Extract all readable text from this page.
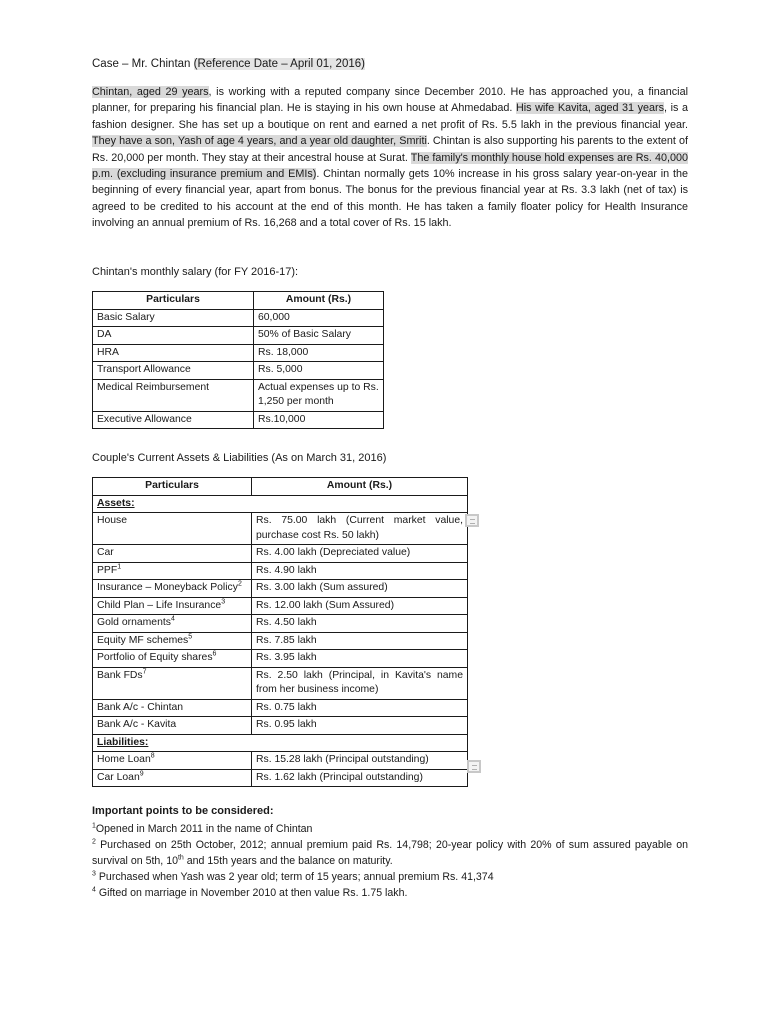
Case – Mr. Chintan (Reference Date – April 01, 2016)
Chintan, aged 29 years, is working with a reputed company since December 2010. He has approached you, a financial planner, for preparing his financial plan. He is staying in his own house at Ahmedabad. His wife Kavita, aged 31 years, is a fashion designer. She has set up a boutique on rent and earned a net profit of Rs. 5.5 lakh in the previous financial year. They have a son, Yash of age 4 years, and a year old daughter, Smriti. Chintan is also supporting his parents to the extent of Rs. 20,000 per month. They stay at their ancestral house at Surat. The family's monthly house hold expenses are Rs. 40,000 p.m. (excluding insurance premium and EMIs). Chintan normally gets 10% increase in his gross salary year-on-year in the beginning of every financial year, apart from bonus. The bonus for the previous financial year at Rs. 3.3 lakh (net of tax) is agreed to be credited to his account at the end of this month. He has taken a family floater policy for Health Insurance involving an annual premium of Rs. 16,268 and a total cover of Rs. 15 lakh.
Chintan's monthly salary (for FY 2016-17):
Particulars	Amount (Rs.)
Basic Salary	60,000
DA	50% of Basic Salary
HRA	Rs. 18,000
Transport Allowance	Rs. 5,000
Medical Reimbursement	Actual expenses up to Rs. 1,250 per month
Executive Allowance	Rs.10,000
Couple's Current Assets & Liabilities (As on March 31, 2016)
Particulars	Amount (Rs.)
Assets:	
House	Rs. 75.00 lakh (Current market value, purchase cost Rs. 50 lakh)
Car	Rs. 4.00 lakh (Depreciated value)
PPF$^1$	Rs. 4.90 lakh
Insurance – Moneyback Policy$^2$	Rs. 3.00 lakh (Sum assured)
Child Plan – Life Insurance$^3$	Rs. 12.00 lakh (Sum Assured)
Gold ornaments$^4$	Rs. 4.50 lakh
Equity MF schemes$^5$	Rs. 7.85 lakh
Portfolio of Equity shares$^6$	Rs. 3.95 lakh
Bank FDs$^7$	Rs. 2.50 lakh (Principal, in Kavita's name from her business income)
Bank A/c - Chintan	Rs. 0.75 lakh
Bank A/c - Kavita	Rs. 0.95 lakh
Liabilities:	
Home Loan$^8$	Rs. 15.28 lakh (Principal outstanding)
Car Loan$^9$	Rs. 1.62 lakh (Principal outstanding)
Important points to be considered:
$^1$Opened in March 2011 in the name of Chintan
$^2$ Purchased on 25th October, 2012; annual premium paid Rs. 14,798; 20-year policy with 20% of sum assured payable on survival on 5th, 10th and 15th years and the balance on maturity.
$^3$ Purchased when Yash was 2 year old; term of 15 years; annual premium Rs. 41,374
$^4$ Gifted on marriage in November 2010 at then value Rs. 1.75 lakh.
